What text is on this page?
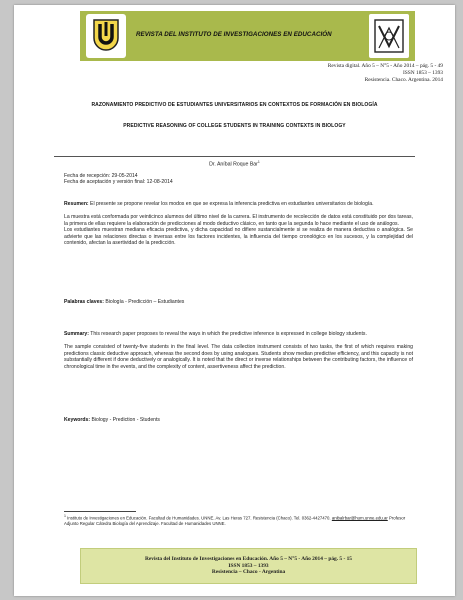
REVISTA DEL INSTITUTO DE INVESTIGACIONES EN EDUCACIÓN
Revista digital. Año 5 – N°5 - Año 2014 – pág. 5 - 49
ISSN 1853 – 1393
Resistencia. Chaco. Argentina. 2014
RAZONAMIENTO PREDICTIVO DE ESTUDIANTES UNIVERSITARIOS EN CONTEXTOS DE FORMACIÓN EN BIOLOGÍA
PREDICTIVE REASONING OF COLLEGE STUDENTS IN TRAINING CONTEXTS IN BIOLOGY
Dr. Aníbal Roque Bar$^1$
Fecha de recepción: 29-05-2014
Fecha de aceptación y versión final: 12-08-2014
Resumen: El presente se propone revelar los modos en que se expresa la inferencia predictiva en estudiantes universitarios de biología.
La muestra está conformada por veinticinco alumnos del último nivel de la carrera. El instrumento de recolección de datos está constituido por dos tareas, la primera de ellas requiere la elaboración de predicciones al modo deductivo clásico, en tanto que la segunda lo hace mediante el uso de análogos.
Los estudiantes muestran mediana eficacia predictiva, y dicha capacidad no difiere sustancialmente si se realiza de manera deductiva o analógica. Se advierte que las relaciones directas o inversas entre los factores incidentes, la influencia del tiempo cronológico en los sucesos, y la complejidad del contenido, afectan la asertividad de la predicción.
Palabras claves: Biología - Predicción – Estudiantes
Summary: This research paper proposes to reveal the ways in which the predictive inference is expressed in college biology students.
The sample consisted of twenty-five students in the final level. The data collection instrument consists of two tasks, the first of which requires making predictions classic deductive approach, whereas the second does by using analogues. Students show median predictive efficiency, and this capacity is not substantially different if done deductively or analogically. It is noted that the direct or inverse relationships between the contributing factors, the influence of chronological time in the events, and the complexity of content, assertiveness affect the prediction.
Keywords: Biology - Prediction - Students
$^1$ Instituto de Investigaciones en Educación. Facultad de Humanidades. UNNE. Av. Las Heras 727. Resistencia (Chaco). Tel. 0362-4427470. anibalrbar@hum.unne.edu.ar Profesor Adjunto Regular Cátedra Biología del Aprendizaje. Facultad de Humanidades UNNE.
Revista del Instituto de Investigaciones en Educación. Año 5 – N°5 - Año 2014 – pág. 5 - 15
ISSN 1853 – 1393
Resistencia – Chaco - Argentina
